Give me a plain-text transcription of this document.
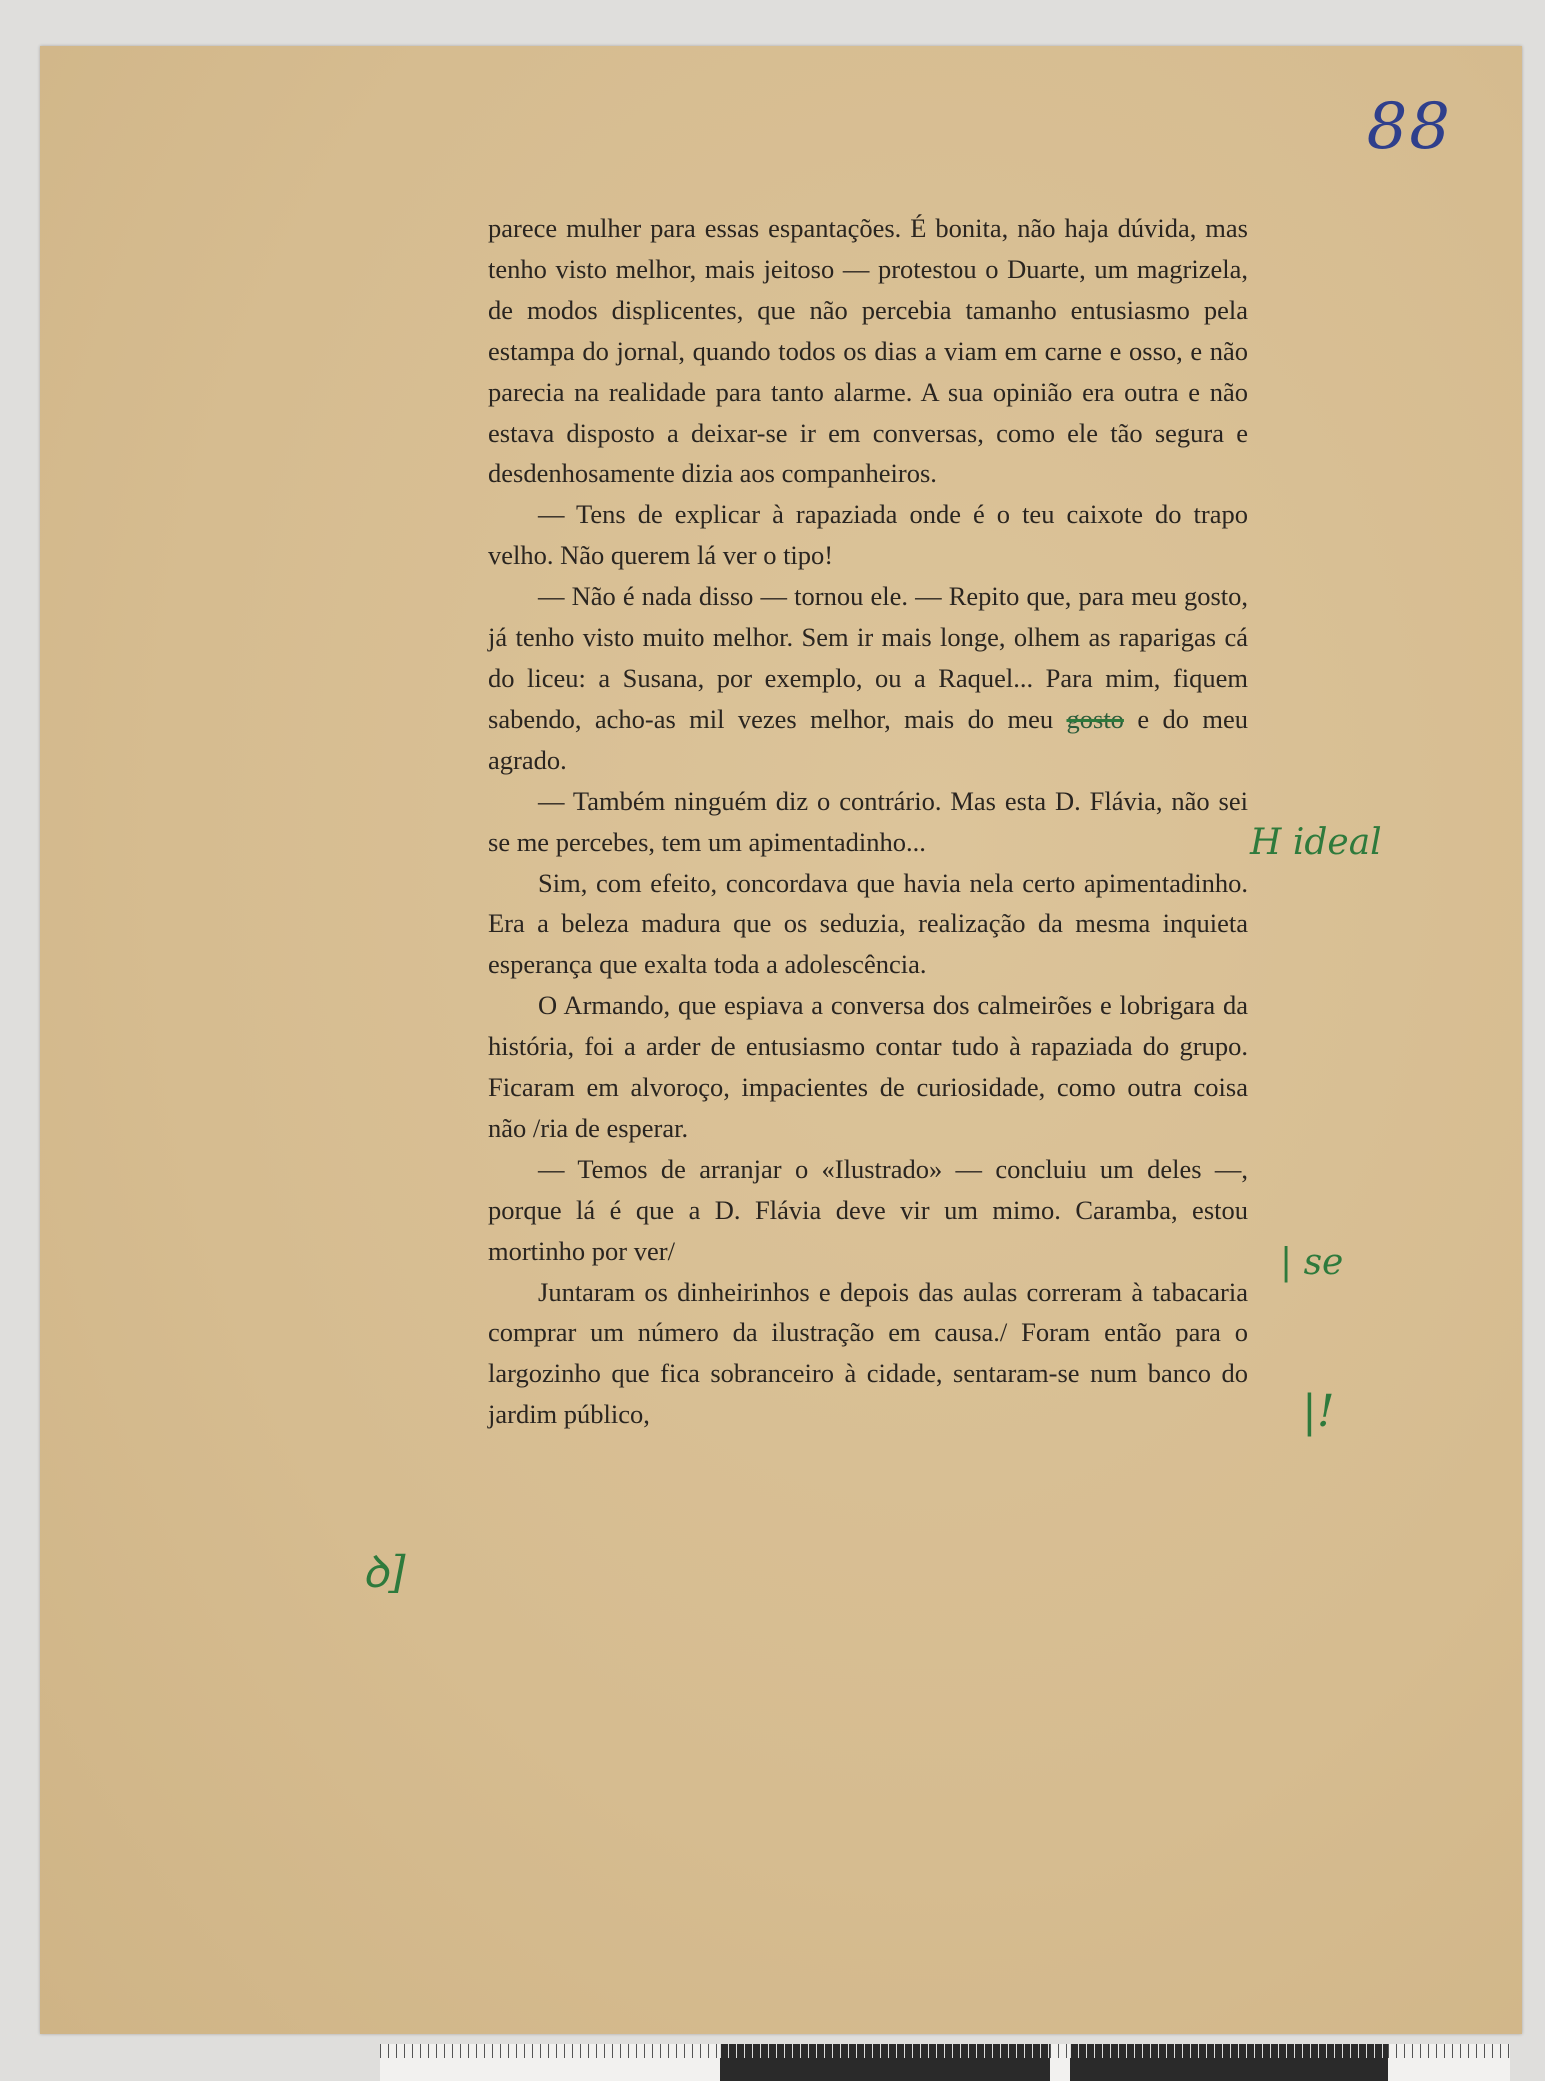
88

parece mulher para essas espantações. É bonita, não haja dúvida, mas tenho visto melhor, mais jeitoso — protestou o Duarte, um magrizela, de modos displicentes, que não percebia tamanho entusiasmo pela estampa do jornal, quando todos os dias a viam em carne e osso, e não parecia na realidade para tanto alarme. A sua opinião era outra e não estava disposto a deixar-se ir em conversas, como ele tão segura e desdenhosamente dizia aos companheiros.

— Tens de explicar à rapaziada onde é o teu caixote do trapo velho. Não querem lá ver o tipo!

— Não é nada disso — tornou ele. — Repito que, para meu gosto, já tenho visto muito melhor. Sem ir mais longe, olhem as raparigas cá do liceu: a Susana, por exemplo, ou a Raquel... Para mim, fiquem sabendo, acho-as mil vezes melhor, mais do meu gosto e do meu agrado.

— Também ninguém diz o contrário. Mas esta D. Flávia, não sei se me percebes, tem um apimentadinho...

Sim, com efeito, concordava que havia nela certo apimentadinho. Era a beleza madura que os seduzia, realização da mesma inquieta esperança que exalta toda a adolescência.

O Armando, que espiava a conversa dos calmeirões e lobrigara da história, foi a arder de entusiasmo contar tudo à rapaziada do grupo. Ficaram em alvoroço, impacientes de curiosidade, como outra coisa não /ria de esperar.

— Temos de arranjar o «Ilustrado» — concluiu um deles —, porque lá é que a D. Flávia deve vir um mimo. Caramba, estou mortinho por ver/

Juntaram os dinheirinhos e depois das aulas correram à tabacaria comprar um número da ilustração em causa./ Foram então para o largozinho que fica sobranceiro à cidade, sentaram-se num banco do jardim público,

H ideal
| se
|!
ꝺ]
